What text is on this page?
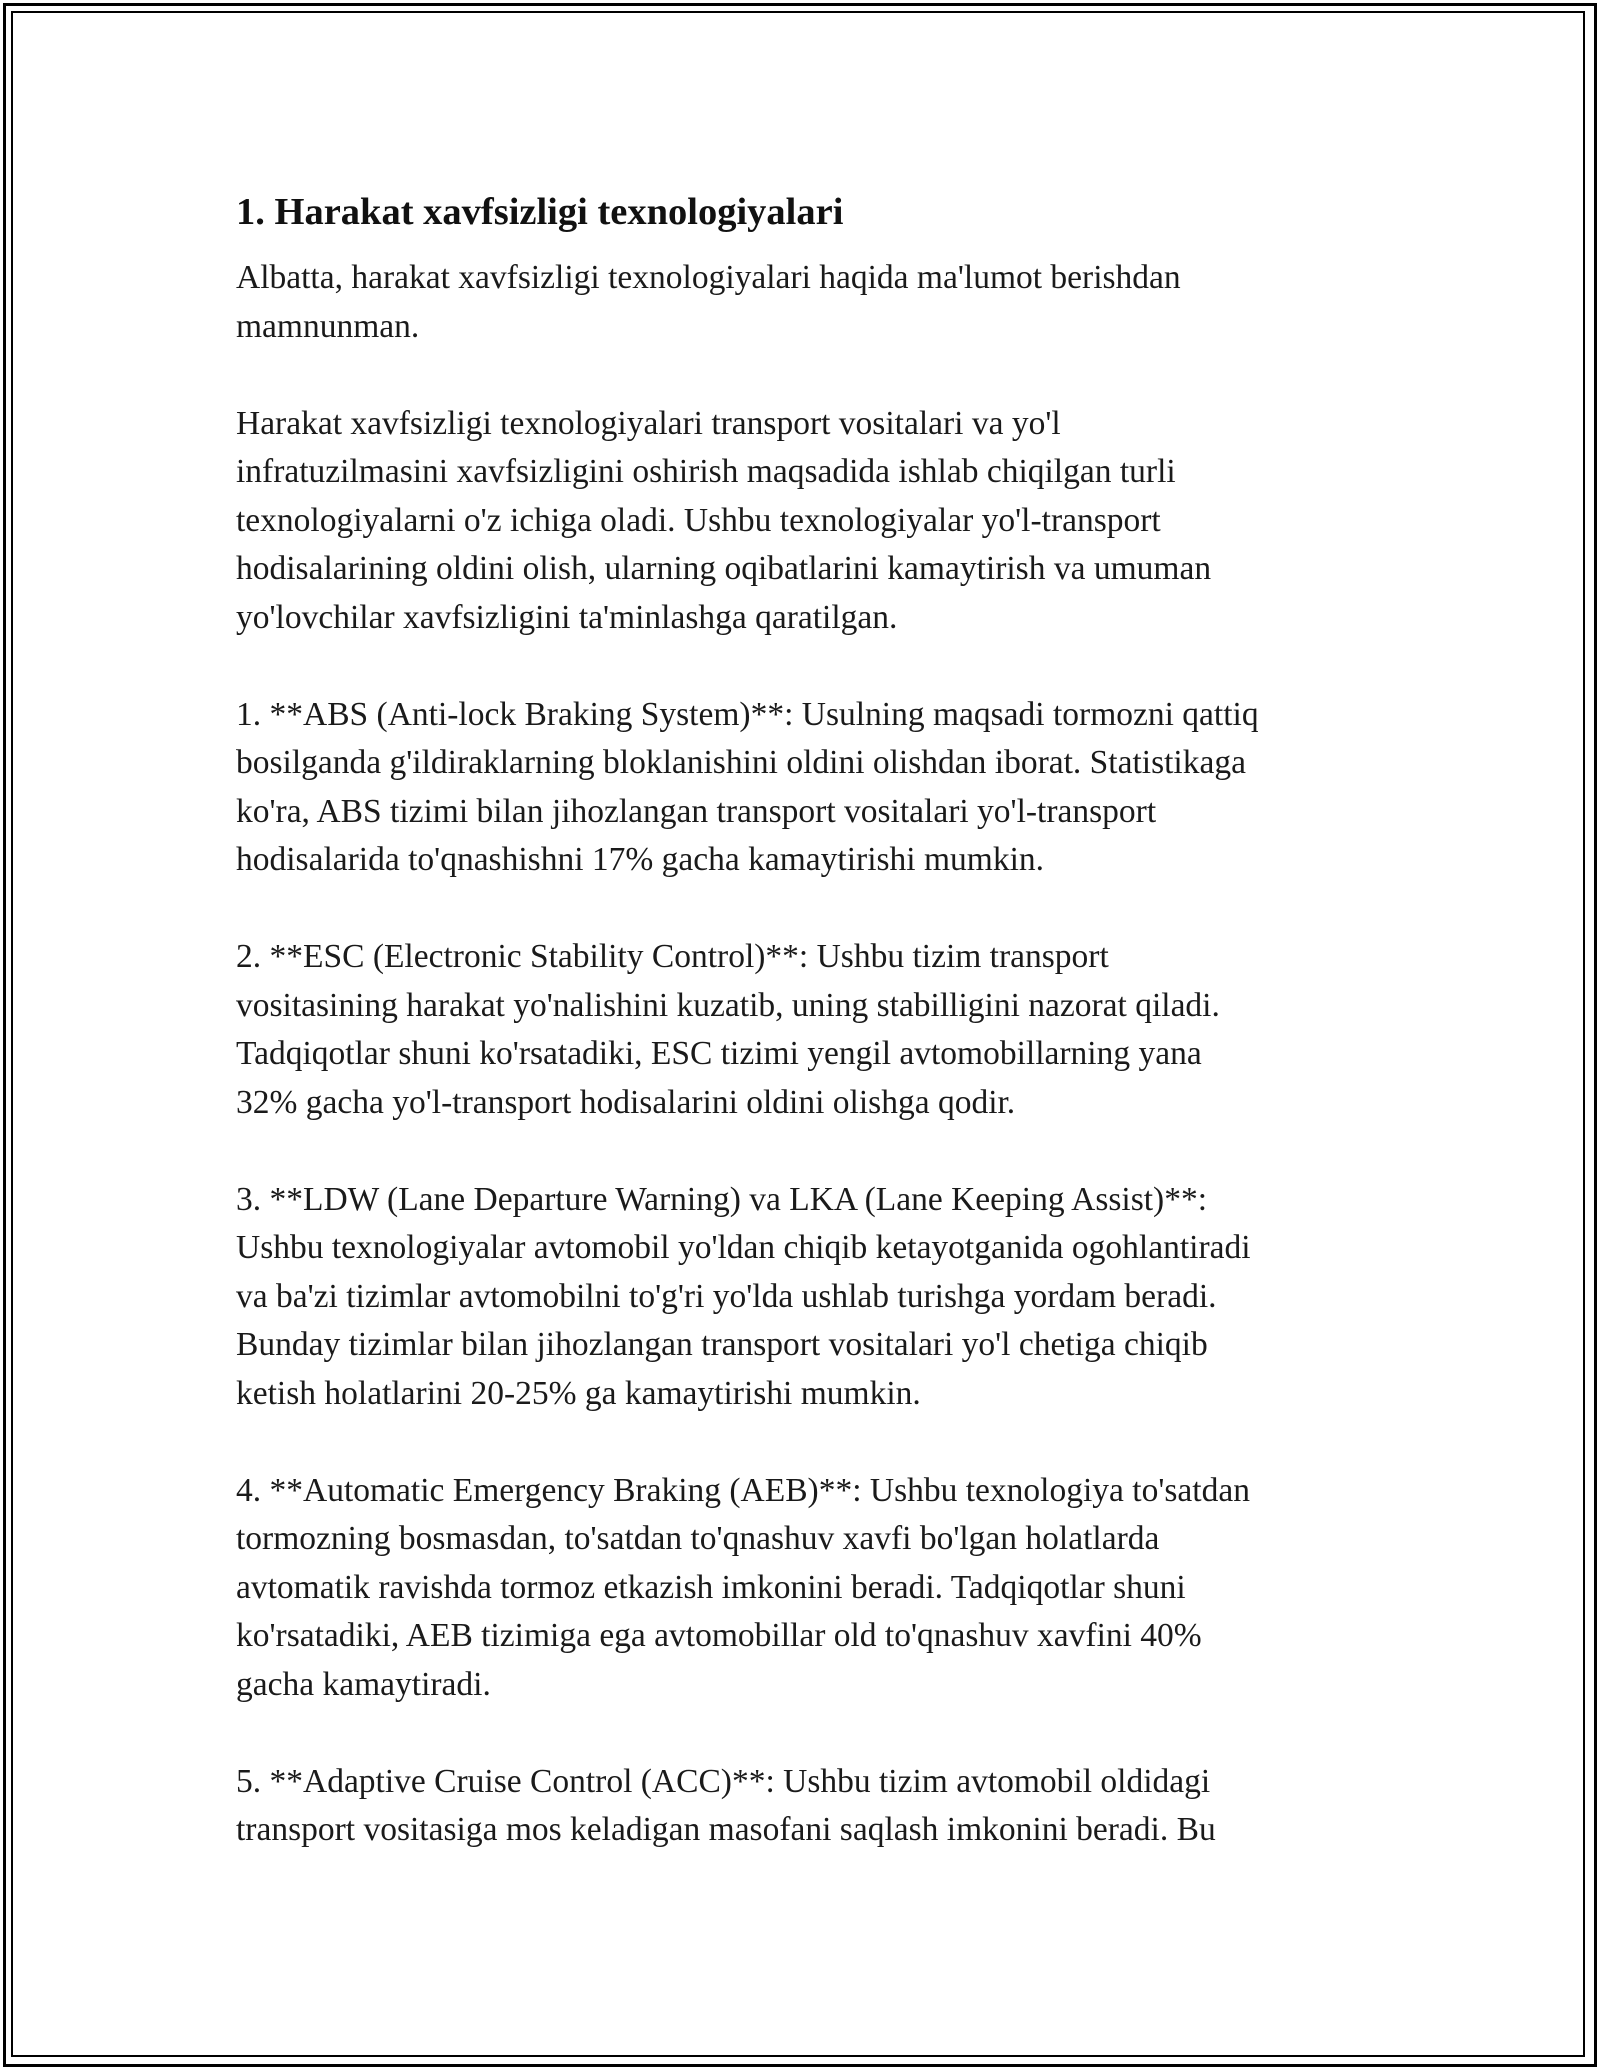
1. Harakat xavfsizligi texnologiyalari

Albatta, harakat xavfsizligi texnologiyalari haqida ma'lumot berishdan
mamnunman.

Harakat xavfsizligi texnologiyalari transport vositalari va yo'l
infratuzilmasini xavfsizligini oshirish maqsadida ishlab chiqilgan turli
texnologiyalarni o'z ichiga oladi. Ushbu texnologiyalar yo'l-transport
hodisalarining oldini olish, ularning oqibatlarini kamaytirish va umuman
yo'lovchilar xavfsizligini ta'minlashga qaratilgan.

1. **ABS (Anti-lock Braking System)**: Usulning maqsadi tormozni qattiq
bosilganda g'ildiraklarning bloklanishini oldini olishdan iborat. Statistikaga
ko'ra, ABS tizimi bilan jihozlangan transport vositalari yo'l-transport
hodisalarida to'qnashishni 17% gacha kamaytirishi mumkin.

2. **ESC (Electronic Stability Control)**: Ushbu tizim transport
vositasining harakat yo'nalishini kuzatib, uning stabilligini nazorat qiladi.
Tadqiqotlar shuni ko'rsatadiki, ESC tizimi yengil avtomobillarning yana
32% gacha yo'l-transport hodisalarini oldini olishga qodir.

3. **LDW (Lane Departure Warning) va LKA (Lane Keeping Assist)**:
Ushbu texnologiyalar avtomobil yo'ldan chiqib ketayotganida ogohlantiradi
va ba'zi tizimlar avtomobilni to'g'ri yo'lda ushlab turishga yordam beradi.
Bunday tizimlar bilan jihozlangan transport vositalari yo'l chetiga chiqib
ketish holatlarini 20-25% ga kamaytirishi mumkin.

4. **Automatic Emergency Braking (AEB)**: Ushbu texnologiya to'satdan
tormozning bosmasdan, to'satdan to'qnashuv xavfi bo'lgan holatlarda
avtomatik ravishda tormoz etkazish imkonini beradi. Tadqiqotlar shuni
ko'rsatadiki, AEB tizimiga ega avtomobillar old to'qnashuv xavfini 40%
gacha kamaytiradi.

5. **Adaptive Cruise Control (ACC)**: Ushbu tizim avtomobil oldidagi
transport vositasiga mos keladigan masofani saqlash imkonini beradi. Bu
